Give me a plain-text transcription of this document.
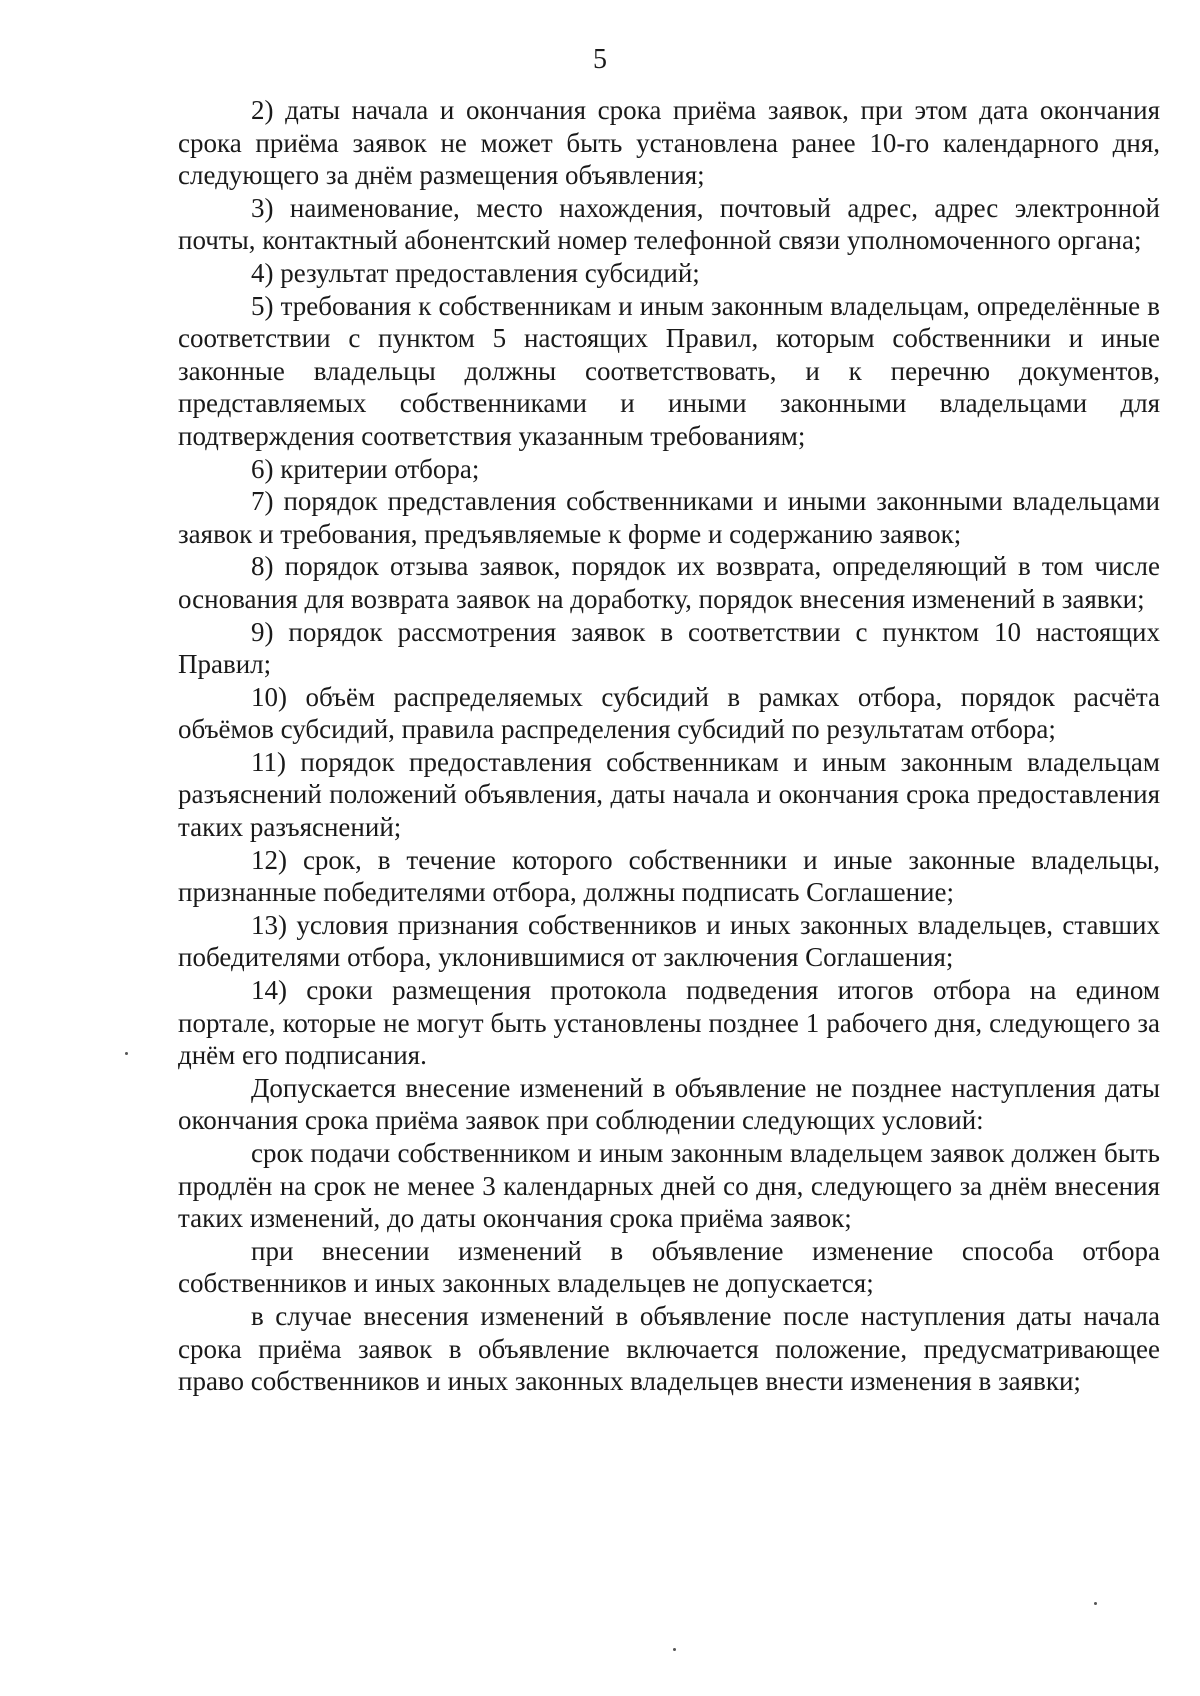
5

2) даты начала и окончания срока приёма заявок, при этом дата окончания срока приёма заявок не может быть установлена ранее 10-го календарного дня, следующего за днём размещения объявления;

3) наименование, место нахождения, почтовый адрес, адрес электронной почты, контактный абонентский номер телефонной связи уполномоченного органа;

4) результат предоставления субсидий;

5) требования к собственникам и иным законным владельцам, определённые в соответствии с пунктом 5 настоящих Правил, которым собственники и иные законные владельцы должны соответствовать, и к перечню документов, представляемых собственниками и иными законными владельцами для подтверждения соответствия указанным требованиям;

6) критерии отбора;

7) порядок представления собственниками и иными законными владельцами заявок и требования, предъявляемые к форме и содержанию заявок;

8) порядок отзыва заявок, порядок их возврата, определяющий в том числе основания для возврата заявок на доработку, порядок внесения изменений в заявки;

9) порядок рассмотрения заявок в соответствии с пунктом 10 настоящих Правил;

10) объём распределяемых субсидий в рамках отбора, порядок расчёта объёмов субсидий, правила распределения субсидий по результатам отбора;

11) порядок предоставления собственникам и иным законным владельцам разъяснений положений объявления, даты начала и окончания срока предоставления таких разъяснений;

12) срок, в течение которого собственники и иные законные владельцы, признанные победителями отбора, должны подписать Соглашение;

13) условия признания собственников и иных законных владельцев, ставших победителями отбора, уклонившимися от заключения Соглашения;

14) сроки размещения протокола подведения итогов отбора на едином портале, которые не могут быть установлены позднее 1 рабочего дня, следующего за днём его подписания.

Допускается внесение изменений в объявление не позднее наступления даты окончания срока приёма заявок при соблюдении следующих условий:

срок подачи собственником и иным законным владельцем заявок должен быть продлён на срок не менее 3 календарных дней со дня, следующего за днём внесения таких изменений, до даты окончания срока приёма заявок;

при внесении изменений в объявление изменение способа отбора собственников и иных законных владельцев не допускается;

в случае внесения изменений в объявление после наступления даты начала срока приёма заявок в объявление включается положение, предусматривающее право собственников и иных законных владельцев внести изменения в заявки;
